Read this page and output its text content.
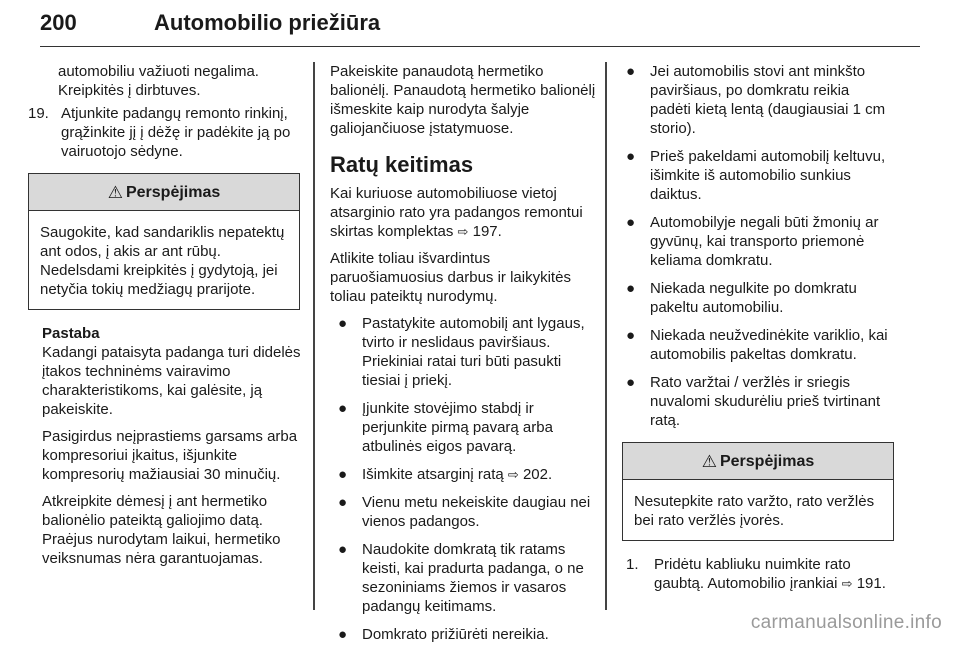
200	Automobilio priežiūra
automobiliu važiuoti negalima.
Kreipkitės į dirbtuves.
19. Atjunkite padangų remonto rinkinį, grąžinkite jį į dėžę ir padėkite ją po vairuotojo sėdyne.
⚠ Perspėjimas
Saugokite, kad sandariklis nepatektų ant odos, į akis ar ant rūbų. Nedelsdami kreipkitės į gydytoją, jei netyčia tokių medžiagų prarijote.
Pastaba

Kadangi pataisyta padanga turi didelės įtakos techninėms vairavimo charakteristikoms, kai galėsite, ją pakeiskite.

Pasigirdus neįprastiems garsams arba kompresoriui įkaitus, išjunkite kompresorių mažiausiai 30 minučių.

Atkreipkite dėmesį į ant hermetiko balionėlio pateiktą galiojimo datą. Praėjus nurodytam laikui, hermetiko veiksnumas nėra garantuojamas.

Pakeiskite panaudotą hermetiko balionėlį. Panaudotą hermetiko balionėlį išmeskite kaip nurodyta šalyje galiojančiuose įstatymuose.

Ratų keitimas

Kai kuriuose automobiliuose vietoj atsarginio rato yra padangos remontui skirtas komplektas ⇨ 197.

Atlikite toliau išvardintus paruošiamuosius darbus ir laikykitės toliau pateiktų nurodymų.

● Pastatykite automobilį ant lygaus, tvirto ir neslidaus paviršiaus. Priekiniai ratai turi būti pasukti tiesiai į priekį.
● Įjunkite stovėjimo stabdį ir perjunkite pirmą pavarą arba atbulinės eigos pavarą.
● Išimkite atsarginį ratą ⇨ 202.
● Vienu metu nekeiskite daugiau nei vienos padangos.
● Naudokite domkratą tik ratams keisti, kai pradurta padanga, o ne sezoniniams žiemos ir vasaros padangų keitimams.
● Domkrato prižiūrėti nereikia.
● Jei automobilis stovi ant minkšto paviršiaus, po domkratu reikia padėti kietą lentą (daugiausiai 1 cm storio).
● Prieš pakeldami automobilį keltuvu, išimkite iš automobilio sunkius daiktus.
● Automobilyje negali būti žmonių ar gyvūnų, kai transporto priemonė keliama domkratu.
● Niekada negulkite po domkratu pakeltu automobiliu.
● Niekada neužvedinėkite variklio, kai automobilis pakeltas domkratu.
● Rato varžtai / veržlės ir sriegis nuvalomi skudurėliu prieš tvirtinant ratą.
⚠ Perspėjimas
Nesutepkite rato varžto, rato veržlės bei rato veržlės įvorės.
1. Pridėtu kabliuku nuimkite rato gaubtą. Automobilio įrankiai ⇨ 191.
carmanualsonline.info
